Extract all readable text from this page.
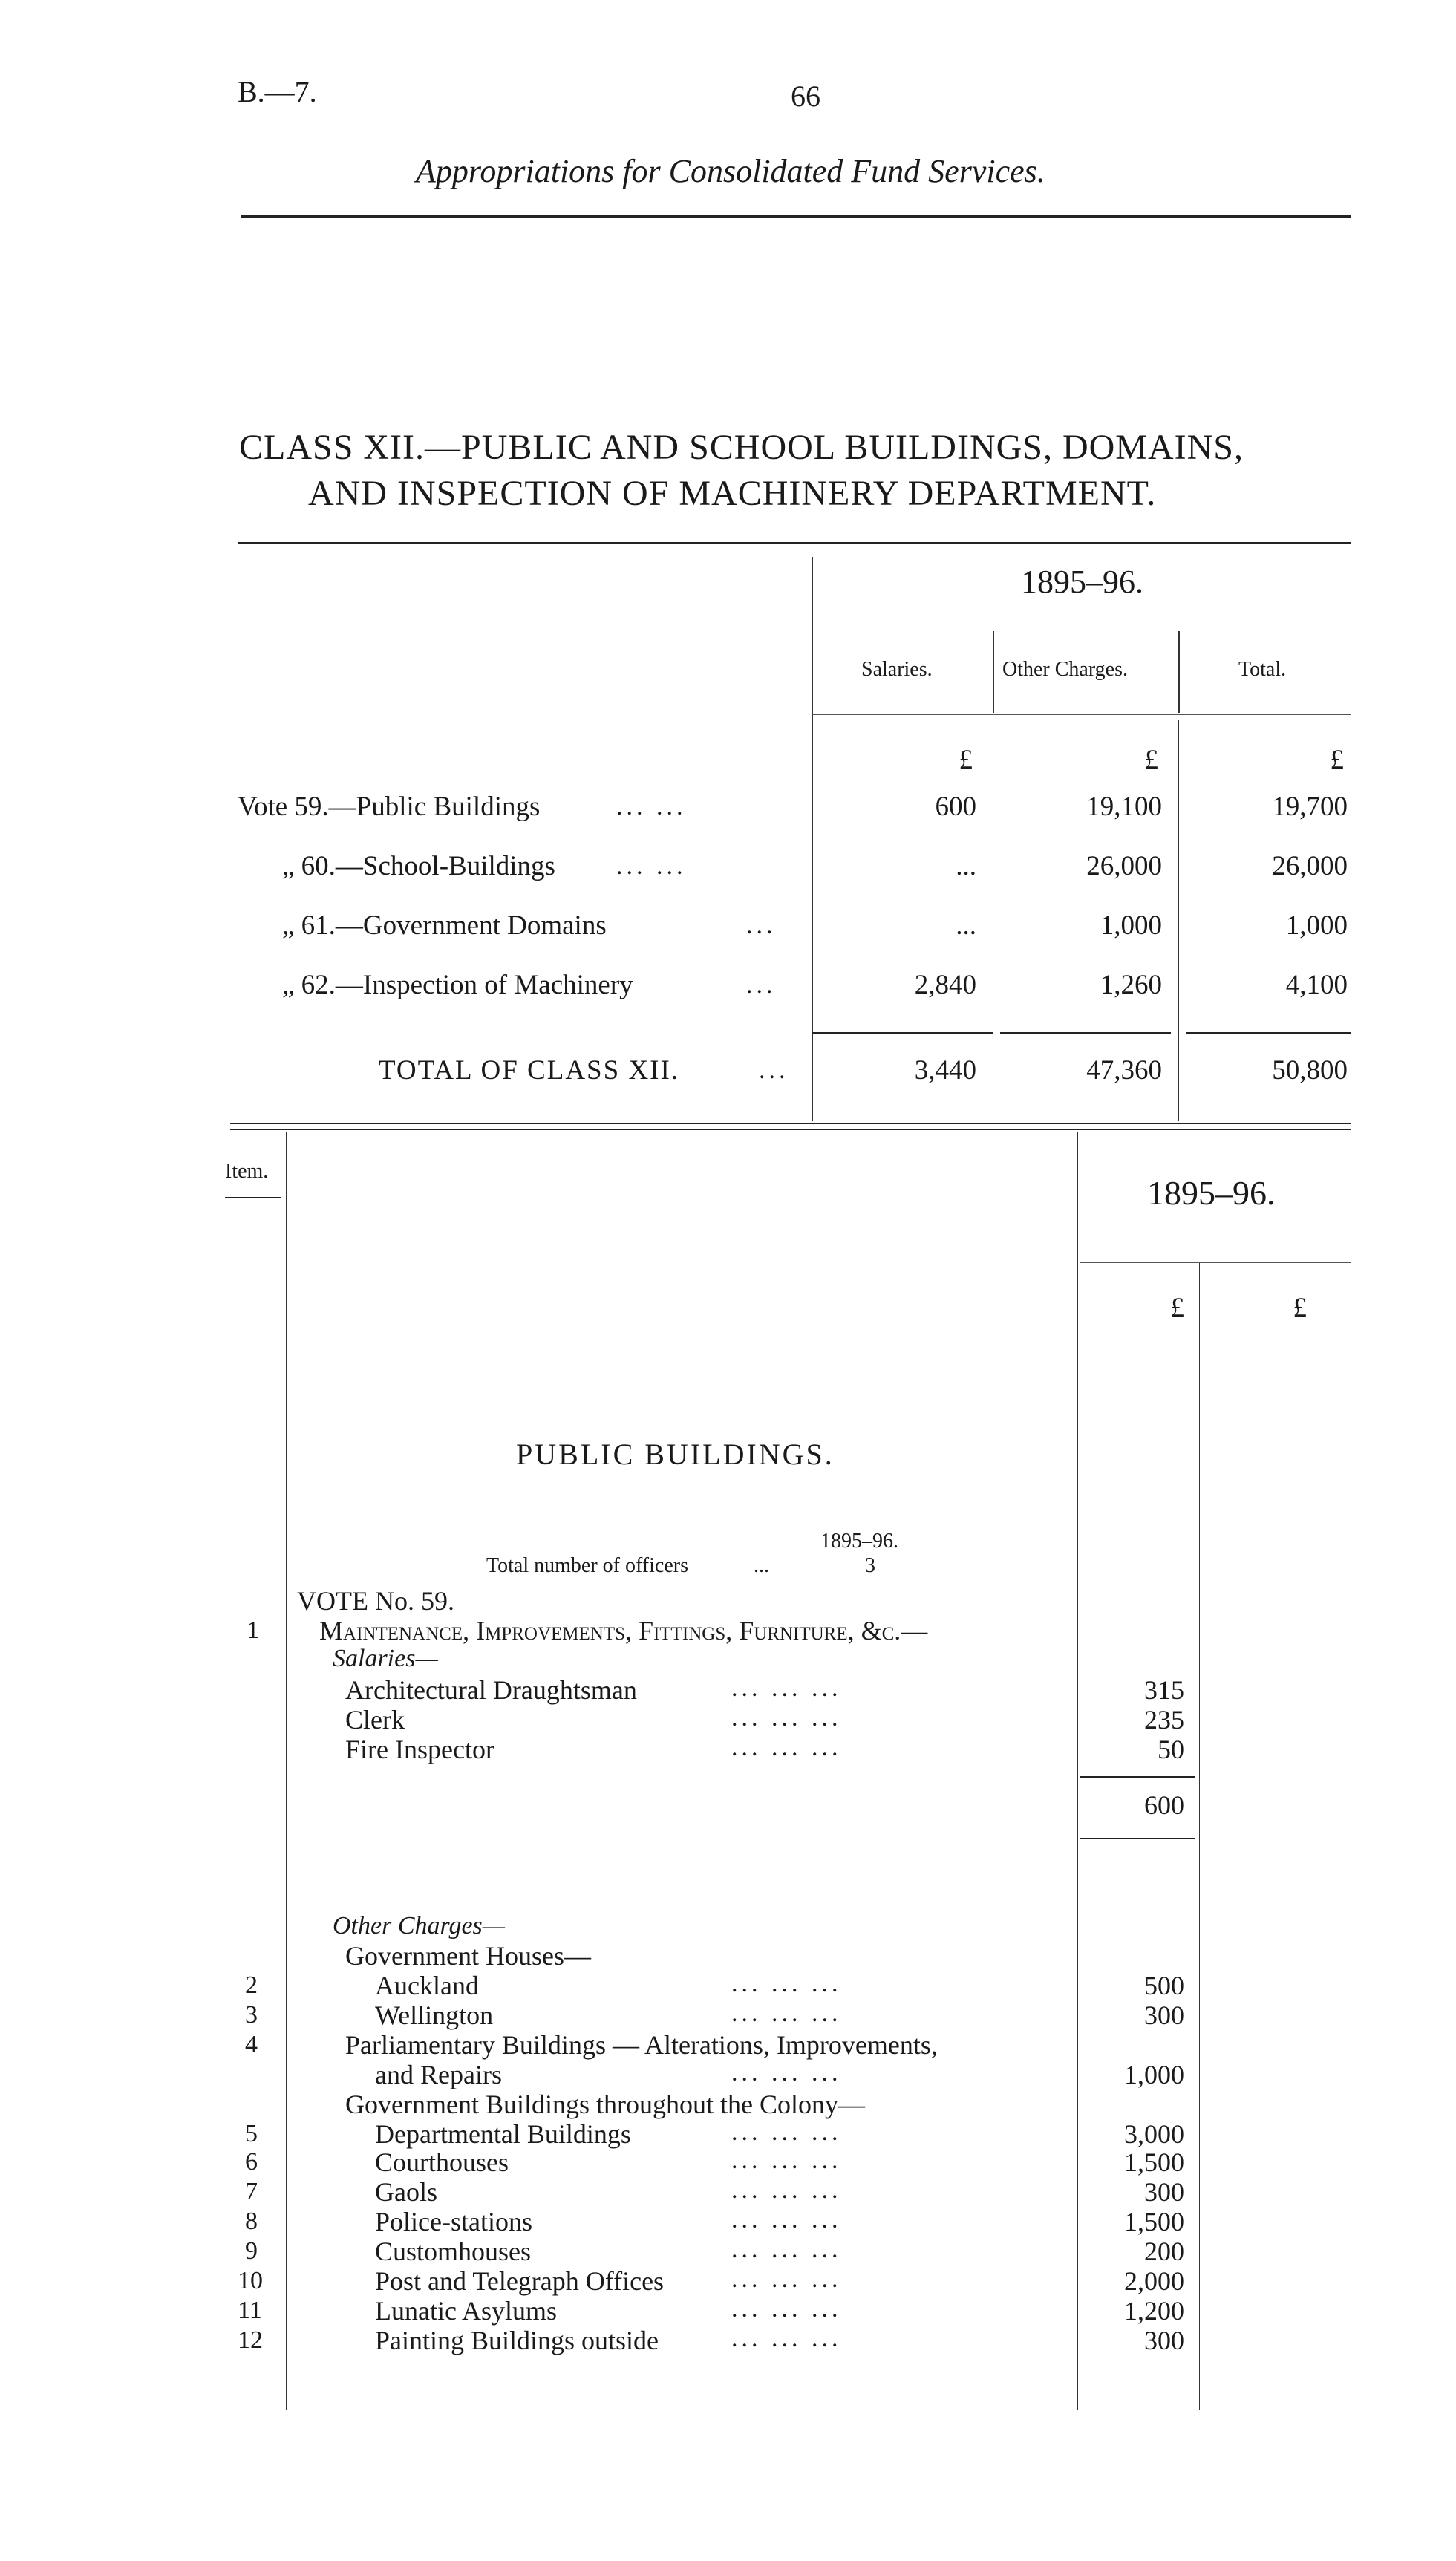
B.—7.	66
Appropriations for Consolidated Fund Services.
CLASS XII.—PUBLIC AND SCHOOL BUILDINGS, DOMAINS,
AND INSPECTION OF MACHINERY DEPARTMENT.
1895–96.
Salaries.	Other Charges.	Total.
£	£	£
Vote 59.—Public Buildings	... ...	600	19,100	19,700
„ 60.—School-Buildings ... ...	...	26,000	26,000
„ 61.—Government Domains	...	...	1,000	1,000
„ 62.—Inspection of Machinery	...	2,840	1,260	4,100
TOTAL OF CLASS XII.	...	3,440	47,360	50,800
Item.
1895–96.
£	£
PUBLIC BUILDINGS.
1895–96.
Total number of officers	...	3
VOTE No. 59.
1 Maintenance, Improvements, Fittings, Furniture, &c.—
Salaries—
Architectural Draughtsman	... ... ...	315
Clerk	... ... ...	235
Fire Inspector	... ... ...	50
600
Other Charges—
Government Houses—
2	Auckland	... ... ...	500
3	Wellington	... ... ...	300
4	Parliamentary Buildings — Alterations, Improvements,
and Repairs	... ... ...	1,000
Government Buildings throughout the Colony—
5	Departmental Buildings	... ... ...	3,000
6	Courthouses	... ... ...	1,500
7	Gaols	... ... ...	300
8	Police-stations	... ... ...	1,500
9	Customhouses	... ... ...	200
10	Post and Telegraph Offices	... ... ...	2,000
11	Lunatic Asylums	... ... ...	1,200
12	Painting Buildings outside	... ... ...	300
